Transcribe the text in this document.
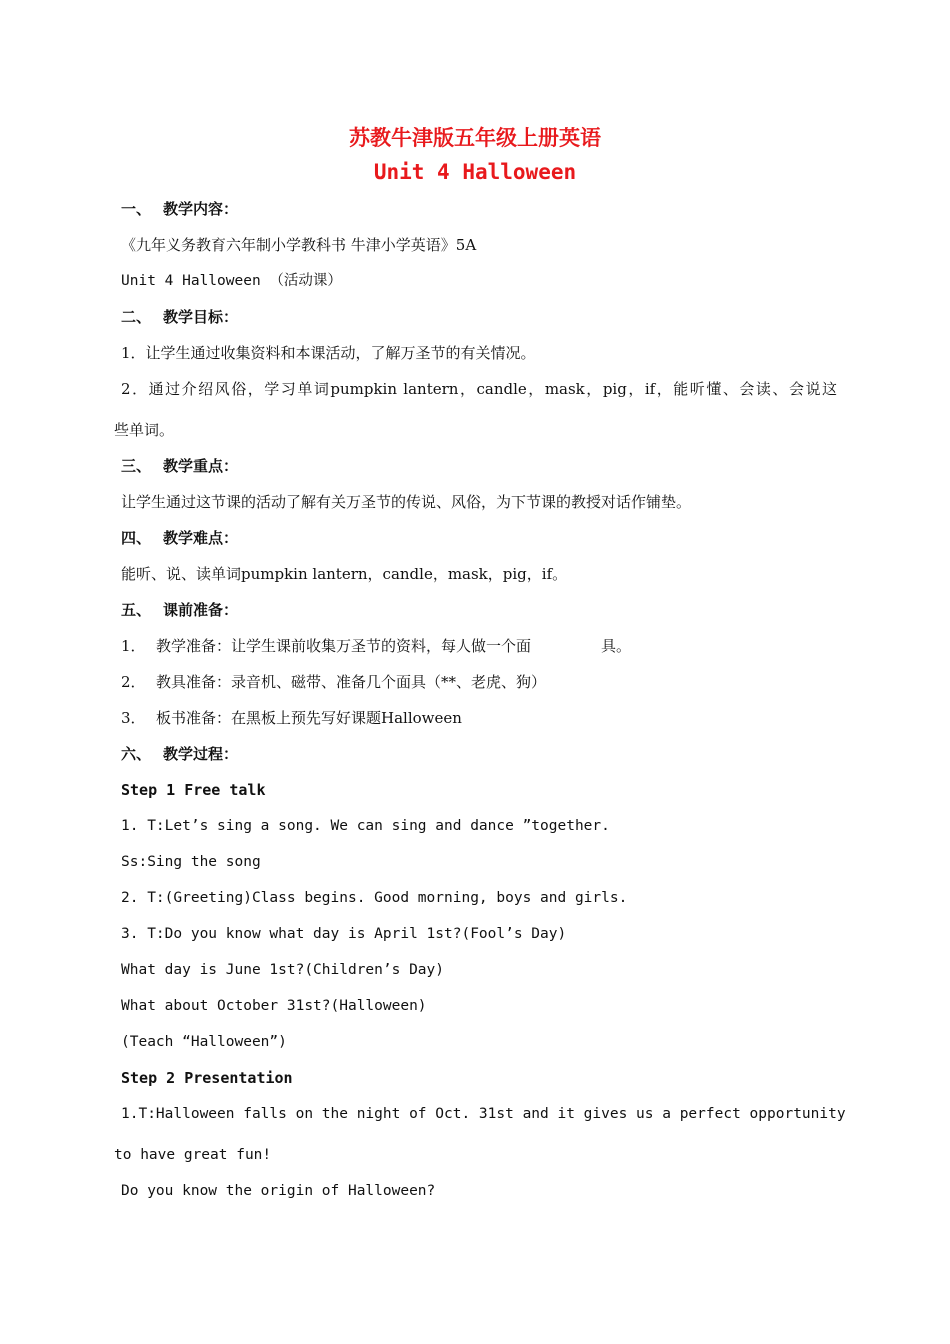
苏教牛津版五年级上册英语
Unit 4 Halloween
一、 教学内容：
《九年义务教育六年制小学教科书 牛津小学英语》5A
Unit 4 Halloween （活动课）
二、 教学目标：
1．让学生通过收集资料和本课活动，了解万圣节的有关情况。
2．通过介绍风俗，学习单词pumpkin lantern，candle，mask，pig，if，能听懂、会读、会说这
些单词。
三、 教学重点：
让学生通过这节课的活动了解有关万圣节的传说、风俗，为下节课的教授对话作铺垫。
四、 教学难点：
能听、说、读单词pumpkin lantern，candle，mask，pig，if。
五、 课前准备：
1． 教学准备：让学生课前收集万圣节的资料，每人做一个面	具。
2． 教具准备：录音机、磁带、准备几个面具（**、老虎、狗）
3． 板书准备：在黑板上预先写好课题Halloween
六、 教学过程：
Step 1 Free talk
1. T:Let’s sing a song. We can sing and dance ”together.
Ss:Sing the song
2. T:(Greeting)Class begins. Good morning, boys and girls.
3. T:Do you know what day is April 1st?(Fool’s Day)
What day is June 1st?(Children’s Day)
What about October 31st?(Halloween)
(Teach “Halloween”)
Step 2 Presentation
1.T:Halloween falls on the night of Oct. 31st and it gives us a perfect opportunity
to have great fun!
Do you know the origin of Halloween?
